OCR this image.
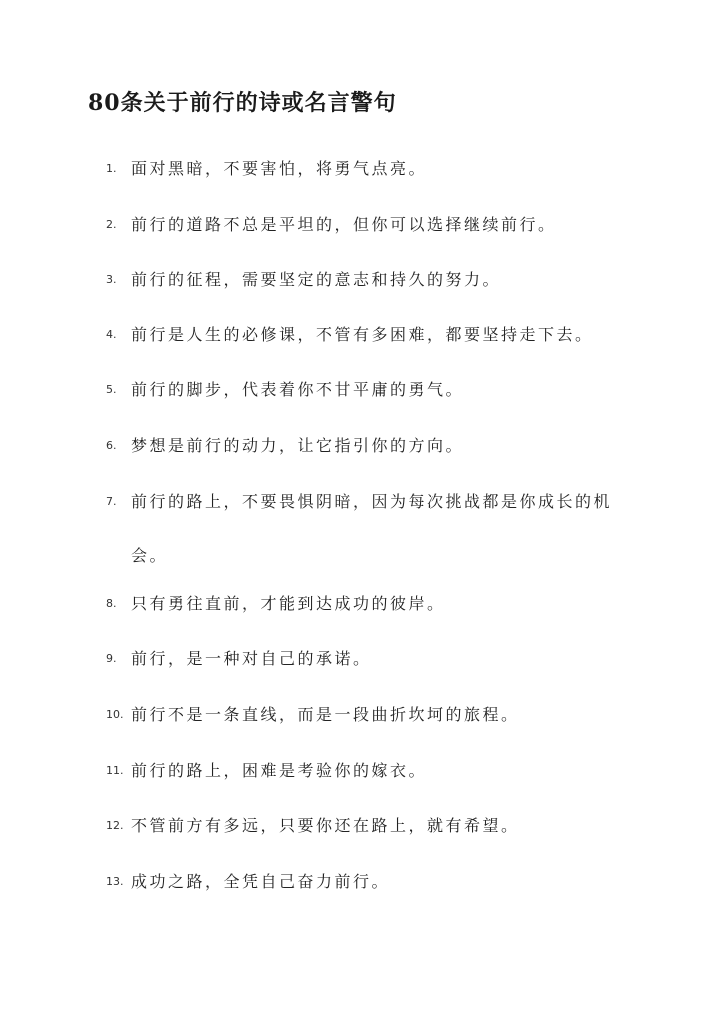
80条关于前行的诗或名言警句
1. 面对黑暗，不要害怕，将勇气点亮。
2. 前行的道路不总是平坦的，但你可以选择继续前行。
3. 前行的征程，需要坚定的意志和持久的努力。
4. 前行是人生的必修课，不管有多困难，都要坚持走下去。
5. 前行的脚步，代表着你不甘平庸的勇气。
6. 梦想是前行的动力，让它指引你的方向。
7. 前行的路上，不要畏惧阴暗，因为每次挑战都是你成长的机会。
8. 只有勇往直前，才能到达成功的彼岸。
9. 前行，是一种对自己的承诺。
10. 前行不是一条直线，而是一段曲折坎坷的旅程。
11. 前行的路上，困难是考验你的嫁衣。
12. 不管前方有多远，只要你还在路上，就有希望。
13. 成功之路，全凭自己奋力前行。
